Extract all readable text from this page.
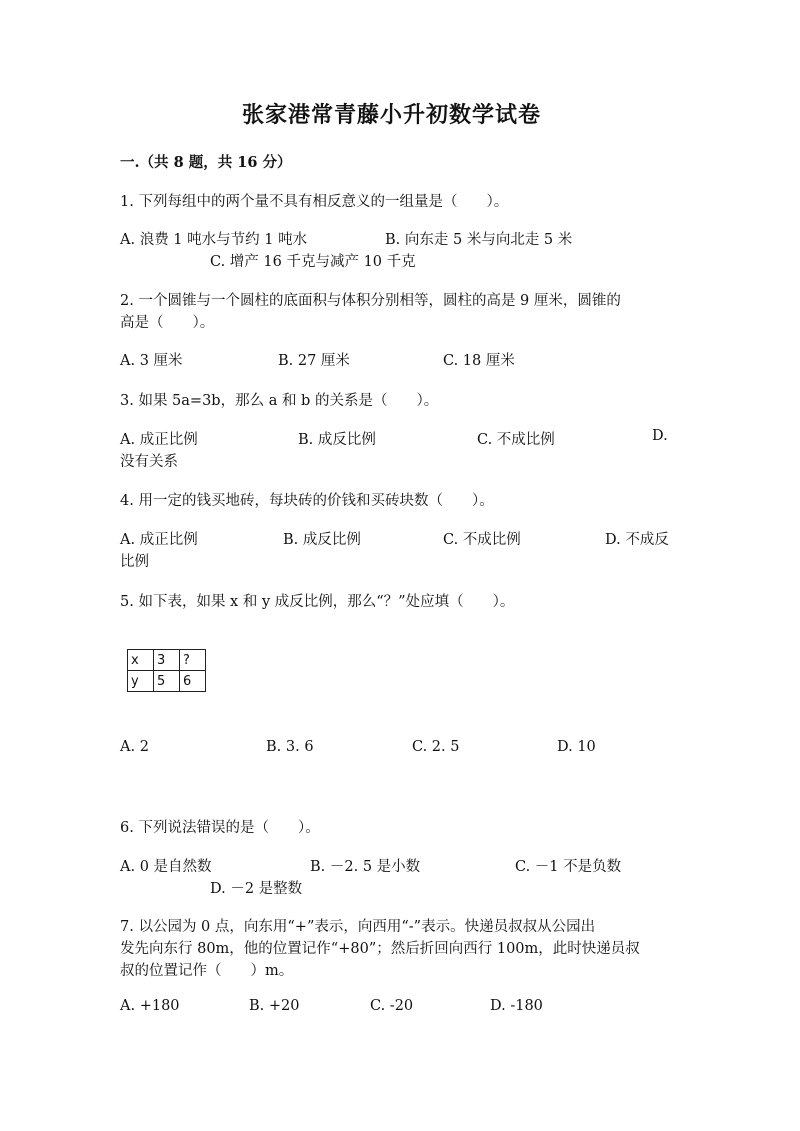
张家港常青藤小升初数学试卷
一.（共 8 题，共 16 分）
1. 下列每组中的两个量不具有相反意义的一组量是（　　）。
A. 浪费 1 吨水与节约 1 吨水	B. 向东走 5 米与向北走 5 米
C. 增产 16 千克与减产 10 千克
2. 一个圆锥与一个圆柱的底面积与体积分别相等，圆柱的高是 9 厘米，圆锥的
高是（　　）。
A. 3 厘米	B. 27 厘米	C. 18 厘米
3. 如果 5a=3b，那么 a 和 b 的关系是（　　）。
A. 成正比例	B. 成反比例	C. 不成比例	D.
没有关系
4. 用一定的钱买地砖，每块砖的价钱和买砖块数（　　）。
A. 成正比例	B. 成反比例	C. 不成比例	D. 不成反
比例
5. 如下表，如果 x 和 y 成反比例，那么“？”处应填（　　）。
x	3	?
y	5	6
A. 2	B. 3. 6	C. 2. 5	D. 10
6. 下列说法错误的是（　　）。
A. 0 是自然数	B. －2. 5 是小数	C. －1 不是负数
D. －2 是整数
7. 以公园为 0 点，向东用“+”表示，向西用“-”表示。快递员叔叔从公园出
发先向东行 80m，他的位置记作“+80”；然后折回向西行 100m，此时快递员叔
叔的位置记作（　　）m。
A. +180	B. +20	C. -20	D. -180
